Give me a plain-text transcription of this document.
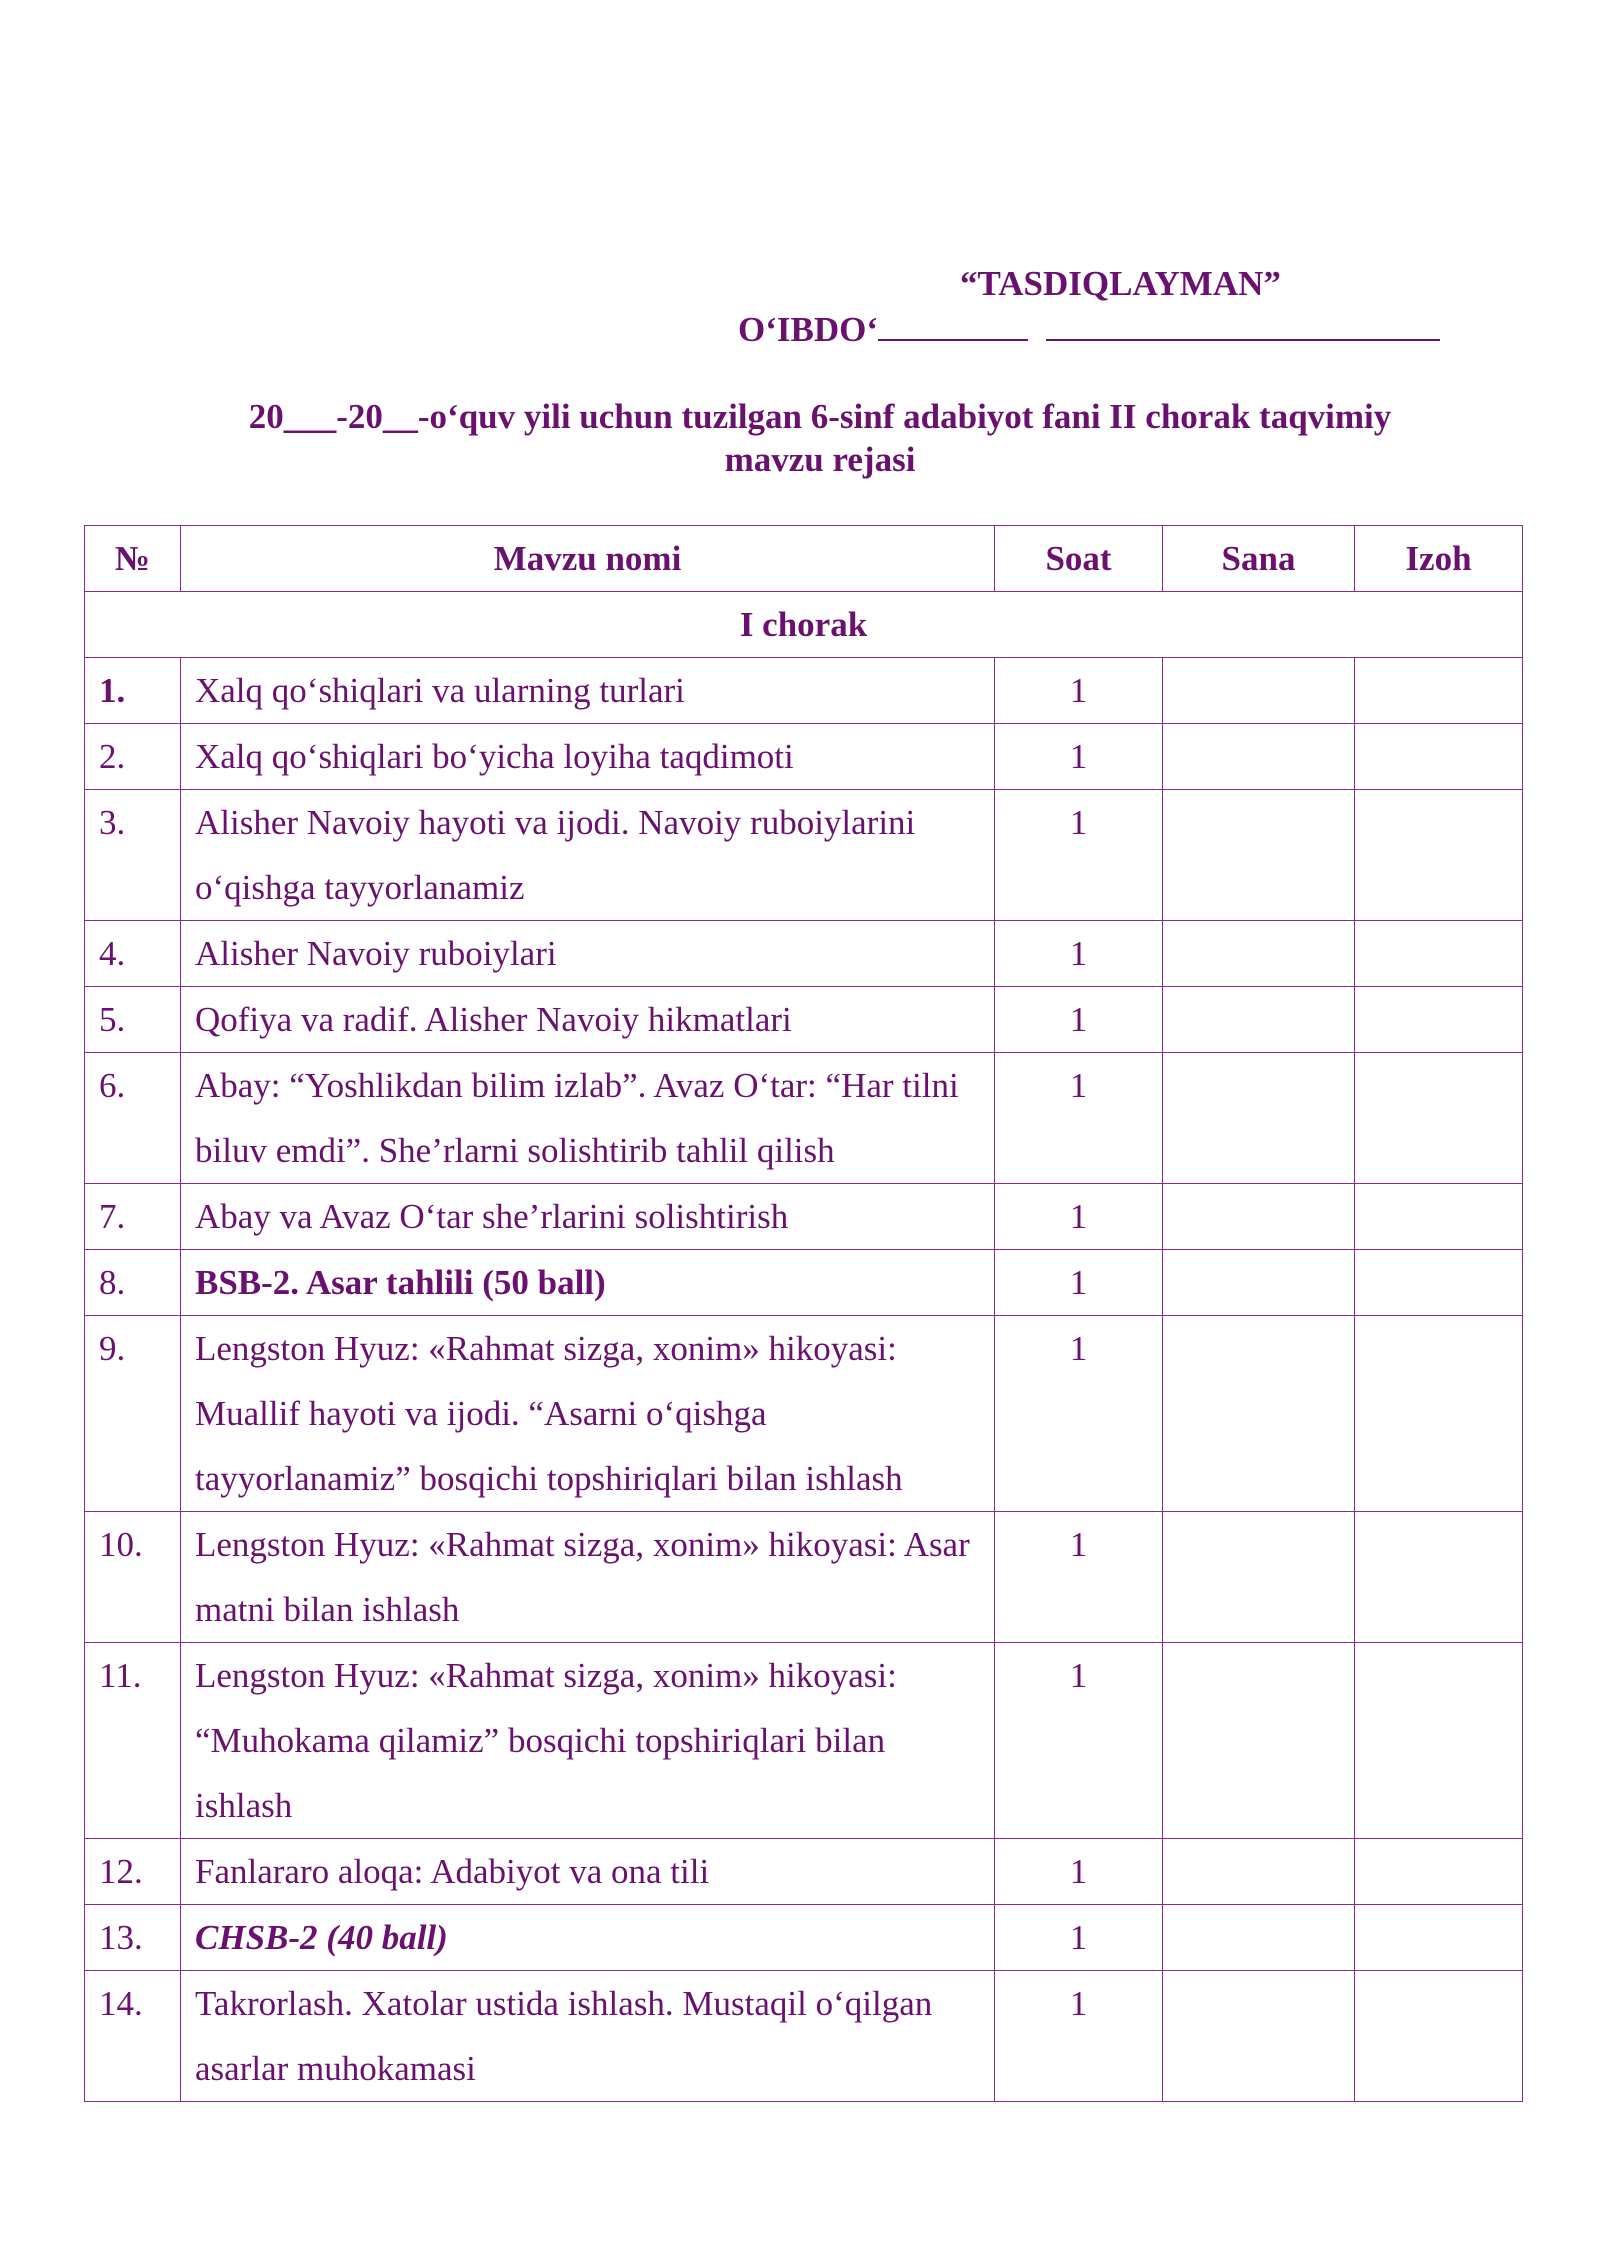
“TASDIQLAYMAN”
O‘IBDO‘
20___-20__-o‘quv yili uchun tuzilgan 6-sinf adabiyot fani II chorak taqvimiy
mavzu rejasi
№	Mavzu nomi	Soat	Sana	Izoh
I chorak				
1.	Xalq qo‘shiqlari va ularning turlari	1		
2.	Xalq qo‘shiqlari bo‘yicha loyiha taqdimoti	1		
3.	Alisher Navoiy hayoti va ijodi. Navoiy ruboiylarini o‘qishga tayyorlanamiz	1		
4.	Alisher Navoiy ruboiylari	1		
5.	Qofiya va radif. Alisher Navoiy hikmatlari	1		
6.	Abay: “Yoshlikdan bilim izlab”. Avaz O‘tar: “Har tilni biluv emdi”. She’rlarni solishtirib tahlil qilish	1		
7.	Abay va Avaz O‘tar she’rlarini solishtirish	1		
8.	BSB-2. Asar tahlili (50 ball)	1		
9.	Lengston Hyuz: «Rahmat sizga, xonim» hikoyasi: Muallif hayoti va ijodi. “Asarni o‘qishga tayyorlanamiz” bosqichi topshiriqlari bilan ishlash	1		
10.	Lengston Hyuz: «Rahmat sizga, xonim» hikoyasi: Asar matni bilan ishlash	1		
11.	Lengston Hyuz: «Rahmat sizga, xonim» hikoyasi: “Muhokama qilamiz” bosqichi topshiriqlari bilan ishlash	1		
12.	Fanlararo aloqa: Adabiyot va ona tili	1		
13.	CHSB-2 (40 ball)	1		
14.	Takrorlash. Xatolar ustida ishlash. Mustaqil o‘qilgan asarlar muhokamasi	1		
